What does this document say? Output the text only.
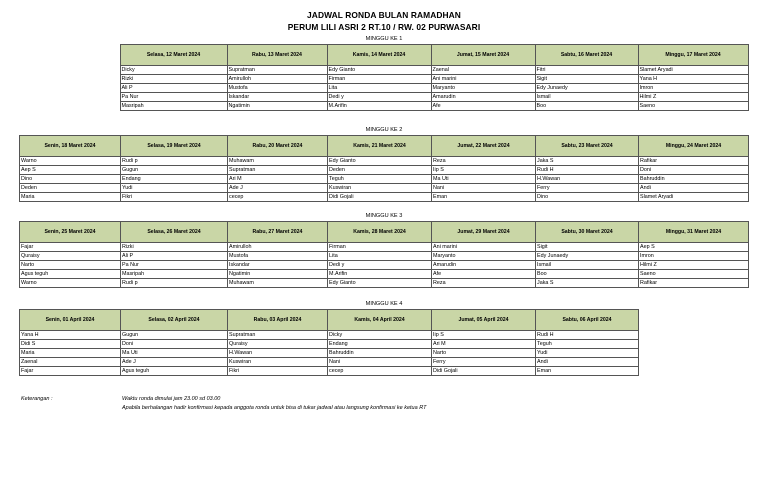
JADWAL RONDA BULAN RAMADHAN
PERUM LILI ASRI 2 RT.10 / RW. 02 PURWASARI
MINGGU KE 1
	Selasa, 12 Maret 2024	Rabu, 13 Maret 2024	Kamis, 14 Maret 2024	Jumat, 15 Maret 2024	Sabtu, 16 Maret 2024	Minggu, 17 Maret 2024
	Dicky	Supratman	Edy Gianto	Zaenal	Fitri	Slamet Aryadi
	Rizki	Amirulloh	Firman	Ani marini	Sigit	Yana H
	Ali P	Mustofa	Lita	Maryanto	Edy Junaedy	Imron
	Pa Nur	Iskandar	Dedi y	Amarudin	Ismail	Hilmi Z
	Masripah	Ngatimin	M.Arifin	Afe	Boo	Saeno
MINGGU KE 2
Senin, 18 Maret 2024	Selasa, 19 Maret 2024	Rabu, 20 Maret 2024	Kamis, 21 Maret 2024	Jumat, 22 Maret 2024	Sabtu, 23 Maret 2024	Minggu, 24 Maret 2024
Warno	Rudi p	Muhawam	Edy Gianto	Reza	Jaka S	Rafikar
Aep S	Gugun	Supratman	Deden	Iip S	Rudi H	Doni
Dino	Endang	Ari M	Teguh	Ma Uti	H.Wawan	Bahruddin
Deden	Yudi	Ade J	Kuswiran	Nani	Ferry	Andi
Maria	Fikri	cecep	Didi Gojali	Eman	Dino	Slamet Aryadi
MINGGU KE 3
Senin, 25 Maret 2024	Selasa, 26 Maret 2024	Rabu, 27 Maret 2024	Kamis, 28 Maret 2024	Jumat, 29 Maret 2024	Sabtu, 30 Maret 2024	Minggu, 31 Maret 2024
Fajar	Rizki	Amirulloh	Firman	Ani marini	Sigit	Aep S
Quraisy	Ali P	Mustofa	Lita	Maryanto	Edy Junaedy	Imron
Narto	Pa Nur	Iskandar	Dedi y	Amarudin	Ismail	Hilmi Z
Agus teguh	Masripah	Ngatimin	M.Arifin	Afe	Boo	Saeno
Warno	Rudi p	Muhawam	Edy Gianto	Reza	Jaka S	Rafikar
MINGGU KE 4
Senin, 01 April 2024	Selasa, 02 April 2024	Rabu, 03 April 2024	Kamis, 04 April 2024	Jumat, 05 April 2024	Sabtu, 06 April 2024
Yana H	Gugun	Supratman	Dicky	Iip S	Rudi H
Didi S	Doni	Quraisy	Endang	Ari M	Teguh
Maria	Ma Uti	H.Wawan	Bahruddin	Narto	Yudi
Zaenal	Ade J	Kuswiran	Nani	Ferry	Andi
Fajar	Agus teguh	Fikri	cecep	Didi Gojali	Eman
Keterangan :	Waktu ronda dimulai jam 23.00 sd 03.00
Apabila berhalangan hadir konfirmasi kepada anggota ronda untuk bisa di tukar jadwal atau langsung konfirmasi ke ketua RT
